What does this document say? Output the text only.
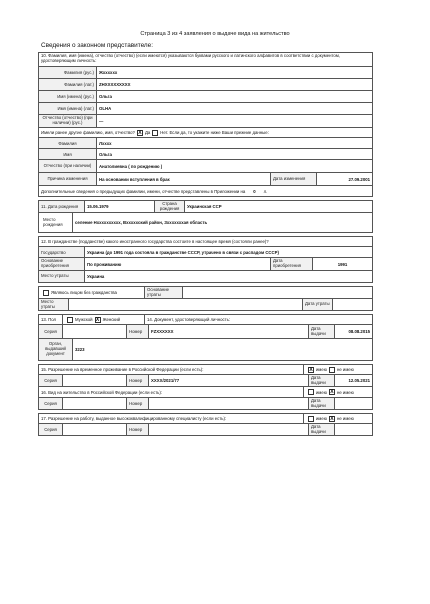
Страница 3 из 4 заявления о выдаче вида на жительство
Сведения о законном представителе:
10. Фамилия, имя (имена), отчество (отчество) (если имеются) указываются буквами русского и латинского алфавитов в соответствии с документом, удостоверяющим личность:
Фамилия (рус.)	Жхххххх
Фамилия (лат.)	ZHXXXXXXXXX
Имя (имена) (рус.)	Ольга
Имя (имена) (лат.)	OLHA
Отчество (отчество) (при наличии) (рус.)	—
Имели ранее другие фамилию, имя, отчество? X Да Нет. Если да, то укажите ниже Ваши прежние данные:
Фамилия	Лхххх
Имя	Ольга
Отчество (при наличии)	Анатолиевна ( по рождению )
Причина изменения	На основании вступления в брак	Дата изменения	27.09.2001
Дополнительные сведения о предыдущих фамилии, имени, отчестве представлены в Приложении на 0 л.
11. Дата рождения	15.06.1979
Страна рождения	Украинская ССР
Место рождения	селение Нхххххххххх, Вхххххский район, Зхххххххая область
12. В гражданстве (подданстве) какого иностранного государства состоите в настоящее время (состояли ранее)?
Государство	Украина (до 1991 года состояла в гражданстве СССР, утрачено в связи с распадом СССР)
Основание приобретения	По проживанию
Дата приобретения	1991
Место утраты	Украина
Являюсь лицом без гражданства
Основание утраты
Место утраты	Дата утраты
13. Пол	Мужской X Женский	14. Документ, удостоверяющий личность:
Серия	Номер	FZXXXXXX
Дата выдачи	08.08.2015
Орган, выдавший документ
3223
15. Разрешение на временное проживание в Российской Федерации (если есть):	X имею не имею
Серия	Номер	XXXX/2021/77
Дата выдачи	12.05.2021
16. Вид на жительство в Российской Федерации (если есть):	имею X не имею
Серия	Номер
Дата выдачи
17. Разрешение на работу, выданное высококвалифицированному специалисту (если есть):	имею X не имею
Серия	Номер
Дата выдачи
